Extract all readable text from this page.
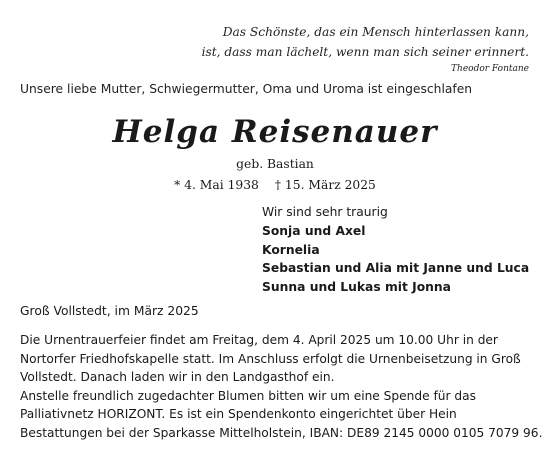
Das Schönste, das ein Mensch hinterlassen kann,
ist, dass man lächelt, wenn man sich seiner erinnert.
Theodor Fontane
Unsere liebe Mutter, Schwiegermutter, Oma und Uroma ist eingeschlafen
Helga Reisenauer
geb. Bastian
* 4. Mai 1938 † 15. März 2025
Wir sind sehr traurig
Sonja und Axel
Kornelia
Sebastian und Alia mit Janne und Luca
Sunna und Lukas mit Jonna
Groß Vollstedt, im März 2025

Die Urnentrauerfeier findet am Freitag, dem 4. April 2025 um 10.00 Uhr in der

Nortorfer Friedhofskapelle statt. Im Anschluss erfolgt die Urnenbeisetzung in Groß

Vollstedt. Danach laden wir in den Landgasthof ein.

Anstelle freundlich zugedachter Blumen bitten wir um eine Spende für das

Palliativnetz HORIZONT. Es ist ein Spendenkonto eingerichtet über Hein

Bestattungen bei der Sparkasse Mittelholstein, IBAN: DE89 2145 0000 0105 7079 96.
